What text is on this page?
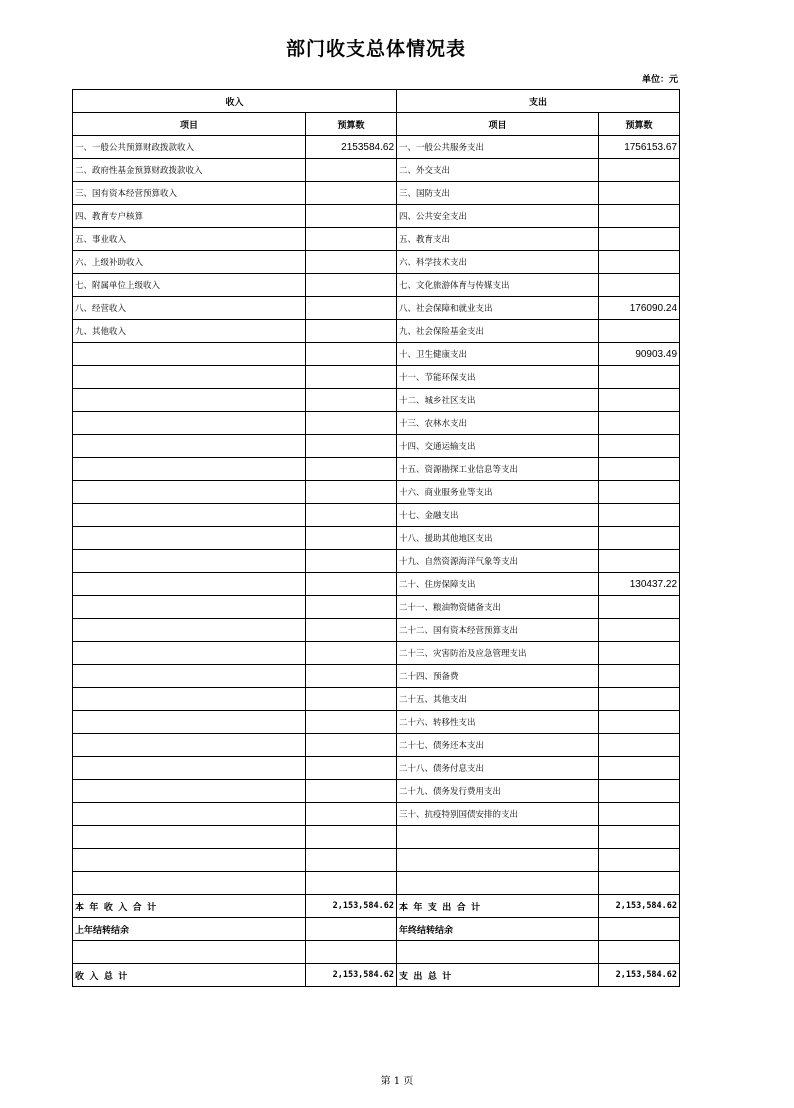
部门收支总体情况表
单位：元
收入		支出	
项目	预算数	项目	预算数
一、一般公共预算财政拨款收入	2153584.62	一、一般公共服务支出	1756153.67
二、政府性基金预算财政拨款收入		二、外交支出	
三、国有资本经营预算收入		三、国防支出	
四、教育专户核算		四、公共安全支出	
五、事业收入		五、教育支出	
六、上级补助收入		六、科学技术支出	
七、附属单位上级收入		七、文化旅游体育与传媒支出	
八、经营收入		八、社会保障和就业支出	176090.24
九、其他收入		九、社会保险基金支出	
		十、卫生健康支出	90903.49
		十一、节能环保支出	
		十二、城乡社区支出	
		十三、农林水支出	
		十四、交通运输支出	
		十五、资源勘探工业信息等支出	
		十六、商业服务业等支出	
		十七、金融支出	
		十八、援助其他地区支出	
		十九、自然资源海洋气象等支出	
		二十、住房保障支出	130437.22
		二十一、粮油物资储备支出	
		二十二、国有资本经营预算支出	
		二十三、灾害防治及应急管理支出	
		二十四、预备费	
		二十五、其他支出	
		二十六、转移性支出	
		二十七、债务还本支出	
		二十八、债务付息支出	
		二十九、债务发行费用支出	
		三十、抗疫特别国债安排的支出	

本 年 收 入 合 计	2,153,584.62	本 年 支 出 合 计	2,153,584.62
上年结转结余		年终结转结余	

收 入 总 计	2,153,584.62	支 出 总 计	2,153,584.62
第 1 页
